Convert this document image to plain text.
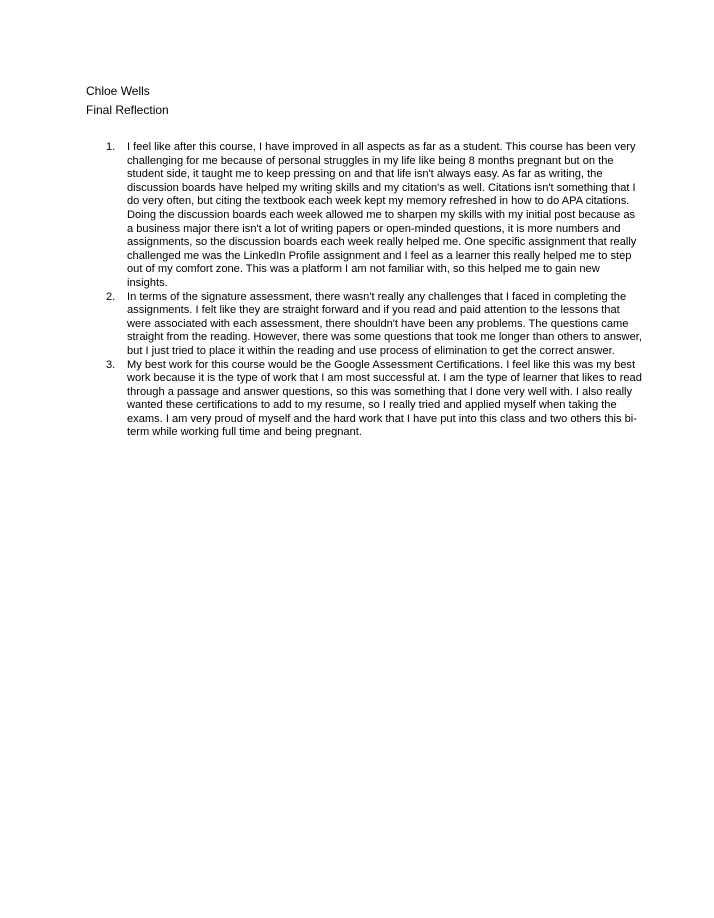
Chloe Wells
Final Reflection
1. I feel like after this course, I have improved in all aspects as far as a student. This course has been very challenging for me because of personal struggles in my life like being 8 months pregnant but on the student side, it taught me to keep pressing on and that life isn't always easy. As far as writing, the discussion boards have helped my writing skills and my citation's as well. Citations isn't something that I do very often, but citing the textbook each week kept my memory refreshed in how to do APA citations. Doing the discussion boards each week allowed me to sharpen my skills with my initial post because as a business major there isn't a lot of writing papers or open-minded questions, it is more numbers and assignments, so the discussion boards each week really helped me. One specific assignment that really challenged me was the LinkedIn Profile assignment and I feel as a learner this really helped me to step out of my comfort zone. This was a platform I am not familiar with, so this helped me to gain new insights.
2. In terms of the signature assessment, there wasn't really any challenges that I faced in completing the assignments. I felt like they are straight forward and if you read and paid attention to the lessons that were associated with each assessment, there shouldn't have been any problems. The questions came straight from the reading. However, there was some questions that took me longer than others to answer, but I just tried to place it within the reading and use process of elimination to get the correct answer.
3. My best work for this course would be the Google Assessment Certifications. I feel like this was my best work because it is the type of work that I am most successful at. I am the type of learner that likes to read through a passage and answer questions, so this was something that I done very well with. I also really wanted these certifications to add to my resume, so I really tried and applied myself when taking the exams. I am very proud of myself and the hard work that I have put into this class and two others this bi-term while working full time and being pregnant.
